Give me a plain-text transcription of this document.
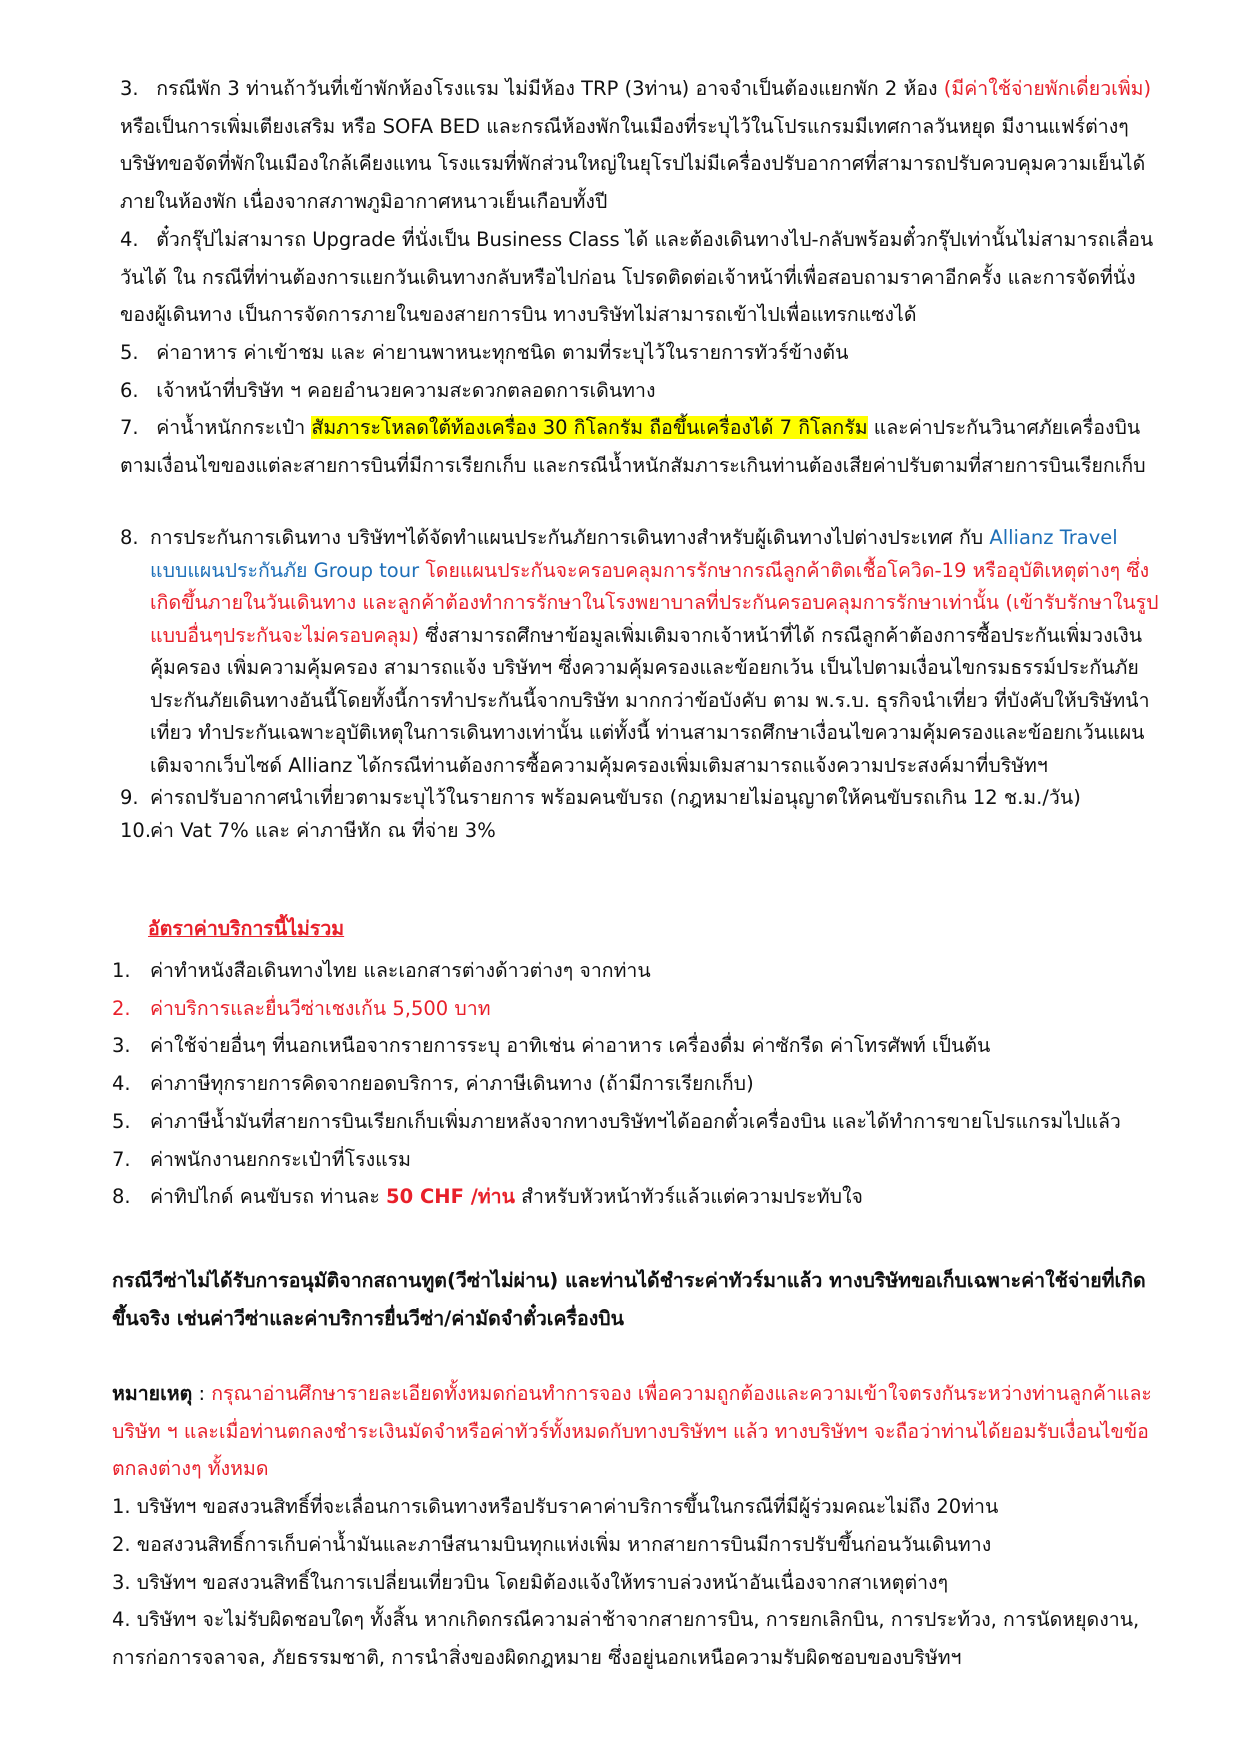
3. กรณีพัก 3 ท่านถ้าวันที่เข้าพักห้องโรงแรม ไม่มีห้อง TRP (3ท่าน) อาจจำเป็นต้องแยกพัก 2 ห้อง (มีค่าใช้จ่ายพักเดี่ยวเพิ่ม) หรือเป็นการเพิ่มเตียงเสริม หรือ SOFA BED และกรณีห้องพักในเมืองที่ระบุไว้ในโปรแกรมมีเทศกาลวันหยุด มีงานแฟร์ต่างๆ บริษัทขอจัดที่พักในเมืองใกล้เคียงแทน โรงแรมที่พักส่วนใหญ่ในยุโรปไม่มีเครื่องปรับอากาศที่สามารถปรับควบคุมความเย็นได้ภายในห้องพัก เนื่องจากสภาพภูมิอากาศหนาวเย็นเกือบทั้งปี

4. ตั๋วกรุ๊ปไม่สามารถ Upgrade ที่นั่งเป็น Business Class ได้ และต้องเดินทางไป-กลับพร้อมตั๋วกรุ๊ปเท่านั้นไม่สามารถเลื่อนวันได้ ใน กรณีที่ท่านต้องการแยกวันเดินทางกลับหรือไปก่อน โปรดติดต่อเจ้าหน้าที่เพื่อสอบถามราคาอีกครั้ง และการจัดที่นั่งของผู้เดินทาง เป็นการจัดการภายในของสายการบิน ทางบริษัทไม่สามารถเข้าไปเพื่อแทรกแซงได้

5. ค่าอาหาร ค่าเข้าชม และ ค่ายานพาหนะทุกชนิด ตามที่ระบุไว้ในรายการทัวร์ข้างต้น

6. เจ้าหน้าที่บริษัท ฯ คอยอำนวยความสะดวกตลอดการเดินทาง

7. ค่าน้ำหนักกระเป๋า สัมภาระโหลดใต้ท้องเครื่อง 30 กิโลกรัม ถือขึ้นเครื่องได้ 7 กิโลกรัม และค่าประกันวินาศภัยเครื่องบินตามเงื่อนไขของแต่ละสายการบินที่มีการเรียกเก็บ และกรณีน้ำหนักสัมภาระเกินท่านต้องเสียค่าปรับตามที่สายการบินเรียกเก็บ

8. การประกันการเดินทาง บริษัทฯได้จัดทำแผนประกันภัยการเดินทางสำหรับผู้เดินทางไปต่างประเทศ กับ Allianz Travel แบบแผนประกันภัย Group tour โดยแผนประกันจะครอบคลุมการรักษากรณีลูกค้าติดเชื้อโควิด-19 หรืออุบัติเหตุต่างๆ ซึ่งเกิดขึ้นภายในวันเดินทาง และลูกค้าต้องทำการรักษาในโรงพยาบาลที่ประกันครอบคลุมการรักษาเท่านั้น (เข้ารับรักษาในรูปแบบอื่นๆประกันจะไม่ครอบคลุม) ซึ่งสามารถศึกษาข้อมูลเพิ่มเติมจากเจ้าหน้าที่ได้ กรณีลูกค้าต้องการซื้อประกันเพิ่มวงเงินคุ้มครอง เพิ่มความคุ้มครอง สามารถแจ้ง บริษัทฯ ซึ่งความคุ้มครองและข้อยกเว้น เป็นไปตามเงื่อนไขกรมธรรม์ประกันภัย ประกันภัยเดินทางอันนี้โดยทั้งนี้การทำประกันนี้จากบริษัท มากกว่าข้อบังคับ ตาม พ.ร.บ. ธุรกิจนำเที่ยว ที่บังคับให้บริษัทนำเที่ยว ทำประกันเฉพาะอุบัติเหตุในการเดินทางเท่านั้น แต่ทั้งนี้ ท่านสามารถศึกษาเงื่อนไขความคุ้มครองและข้อยกเว้นแผนเติมจากเว็บไซด์ Allianz ได้กรณีท่านต้องการซื้อความคุ้มครองเพิ่มเติมสามารถแจ้งความประสงค์มาที่บริษัทฯ
9. ค่ารถปรับอากาศนำเที่ยวตามระบุไว้ในรายการ พร้อมคนขับรถ (กฎหมายไม่อนุญาตให้คนขับรถเกิน 12 ช.ม./วัน)
10.
ค่า Vat 7% และ ค่าภาษีหัก ณ ที่จ่าย 3%
อัตราค่าบริการนี้ไม่รวม
1. ค่าทำหนังสือเดินทางไทย และเอกสารต่างด้าวต่างๆ จากท่าน
2. ค่าบริการและยื่นวีซ่าเชงเก้น 5,500 บาท
3. ค่าใช้จ่ายอื่นๆ ที่นอกเหนือจากรายการระบุ อาทิเช่น ค่าอาหาร เครื่องดื่ม ค่าซักรีด ค่าโทรศัพท์ เป็นต้น
4. ค่าภาษีทุกรายการคิดจากยอดบริการ, ค่าภาษีเดินทาง (ถ้ามีการเรียกเก็บ)
5. ค่าภาษีน้ำมันที่สายการบินเรียกเก็บเพิ่มภายหลังจากทางบริษัทฯได้ออกตั๋วเครื่องบิน และได้ทำการขายโปรแกรมไปแล้ว
7. ค่าพนักงานยกกระเป๋าที่โรงแรม
8. ค่าทิปไกด์ คนขับรถ ท่านละ 50 CHF /ท่าน สำหรับหัวหน้าทัวร์แล้วแต่ความประทับใจ

กรณีวีซ่าไม่ได้รับการอนุมัติจากสถานทูต(วีซ่าไม่ผ่าน) และท่านได้ชำระค่าทัวร์มาแล้ว ทางบริษัทขอเก็บเฉพาะค่าใช้จ่ายที่เกิดขึ้นจริง เช่นค่าวีซ่าและค่าบริการยื่นวีซ่า/ค่ามัดจำตั๋วเครื่องบิน

หมายเหตุ : กรุณาอ่านศึกษารายละเอียดทั้งหมดก่อนทำการจอง เพื่อความถูกต้องและความเข้าใจตรงกันระหว่างท่านลูกค้าและบริษัท ฯ และเมื่อท่านตกลงชำระเงินมัดจำหรือค่าทัวร์ทั้งหมดกับทางบริษัทฯ แล้ว ทางบริษัทฯ จะถือว่าท่านได้ยอมรับเงื่อนไขข้อตกลงต่างๆ ทั้งหมด

1. บริษัทฯ ขอสงวนสิทธิ์ที่จะเลื่อนการเดินทางหรือปรับราคาค่าบริการขึ้นในกรณีที่มีผู้ร่วมคณะไม่ถึง 20ท่าน

2. ขอสงวนสิทธิ์การเก็บค่าน้ำมันและภาษีสนามบินทุกแห่งเพิ่ม หากสายการบินมีการปรับขึ้นก่อนวันเดินทาง

3. บริษัทฯ ขอสงวนสิทธิ์ในการเปลี่ยนเที่ยวบิน โดยมิต้องแจ้งให้ทราบล่วงหน้าอันเนื่องจากสาเหตุต่างๆ

4. บริษัทฯ จะไม่รับผิดชอบใดๆ ทั้งสิ้น หากเกิดกรณีความล่าช้าจากสายการบิน, การยกเลิกบิน, การประท้วง, การนัดหยุดงาน, การก่อการจลาจล, ภัยธรรมชาติ, การนำสิ่งของผิดกฎหมาย ซึ่งอยู่นอกเหนือความรับผิดชอบของบริษัทฯ
